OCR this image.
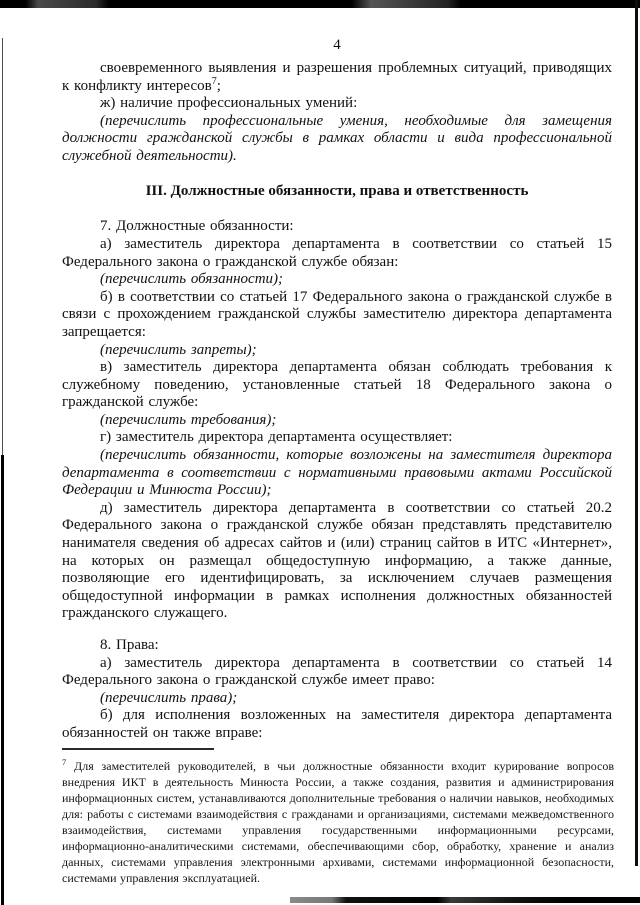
4

своевременного выявления и разрешения проблемных ситуаций, приводящих к конфликту интересов$^7$;

ж) наличие профессиональных умений:

(перечислить профессиональные умения, необходимые для замещения должности гражданской службы в рамках области и вида профессиональной служебной деятельности).

III. Должностные обязанности, права и ответственность

7. Должностные обязанности:

а) заместитель директора департамента в соответствии со статьей 15 Федерального закона о гражданской службе обязан:

(перечислить обязанности);

б) в соответствии со статьей 17 Федерального закона о гражданской службе в связи с прохождением гражданской службы заместителю директора департамента запрещается:

(перечислить запреты);

в) заместитель директора департамента обязан соблюдать требования к служебному поведению, установленные статьей 18 Федерального закона о гражданской службе:

(перечислить требования);

г) заместитель директора департамента осуществляет:

(перечислить обязанности, которые возложены на заместителя директора департамента в соответствии с нормативными правовыми актами Российской Федерации и Минюста России);

д) заместитель директора департамента в соответствии со статьей 20.2 Федерального закона о гражданской службе обязан представлять представителю нанимателя сведения об адресах сайтов и (или) страниц сайтов в ИТС «Интернет», на которых он размещал общедоступную информацию, а также данные, позволяющие его идентифицировать, за исключением случаев размещения общедоступной информации в рамках исполнения должностных обязанностей гражданского служащего.

8. Права:

а) заместитель директора департамента в соответствии со статьей 14 Федерального закона о гражданской службе имеет право:

(перечислить права);

б) для исполнения возложенных на заместителя директора департамента обязанностей он также вправе:

$^7$ Для заместителей руководителей, в чьи должностные обязанности входит курирование вопросов внедрения ИКТ в деятельность Минюста России, а также создания, развития и администрирования информационных систем, устанавливаются дополнительные требования о наличии навыков, необходимых для: работы с системами взаимодействия с гражданами и организациями, системами межведомственного взаимодействия, системами управления государственными информационными ресурсами, информационно-аналитическими системами, обеспечивающими сбор, обработку, хранение и анализ данных, системами управления электронными архивами, системами информационной безопасности, системами управления эксплуатацией.
